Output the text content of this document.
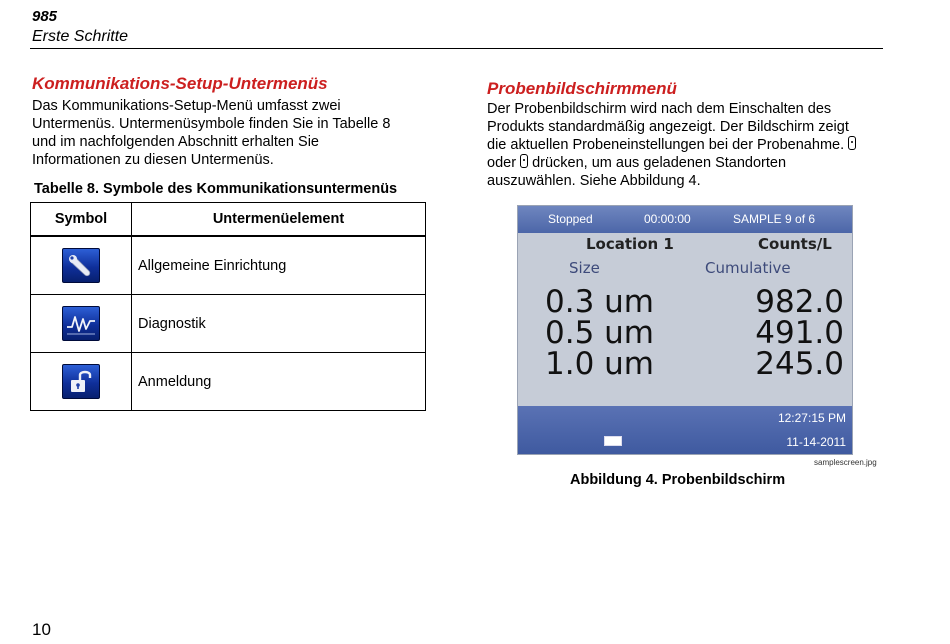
985
Erste Schritte
Kommunikations-Setup-Untermenüs
Das Kommunikations-Setup-Menü umfasst zwei
Untermenüs. Untermenüsymbole finden Sie in Tabelle 8
und im nachfolgenden Abschnitt erhalten Sie
Informationen zu diesen Untermenüs.
Tabelle 8. Symbole des Kommunikationsuntermenüs
Symbol	Untermenüelement

	Allgemeine Einrichtung

	Diagnostik

	Anmeldung
Probenbildschirmmenü
Der Probenbildschirm wird nach dem Einschalten des
Produkts standardmäßig angezeigt. Der Bildschirm zeigt
die aktuellen Probeneinstellungen bei der Probenahme.
oder drücken, um aus geladenen Standorten
auszuwählen. Siehe Abbildung 4.
Stopped	00:00:00	SAMPLE 9 of 6
Location 1	Counts/L
Size	Cumulative
0.3 um	982.0
0.5 um	491.0
1.0 um	245.0
12:27:15 PM
11-14-2011
samplescreen.jpg
Abbildung 4. Probenbildschirm
10
